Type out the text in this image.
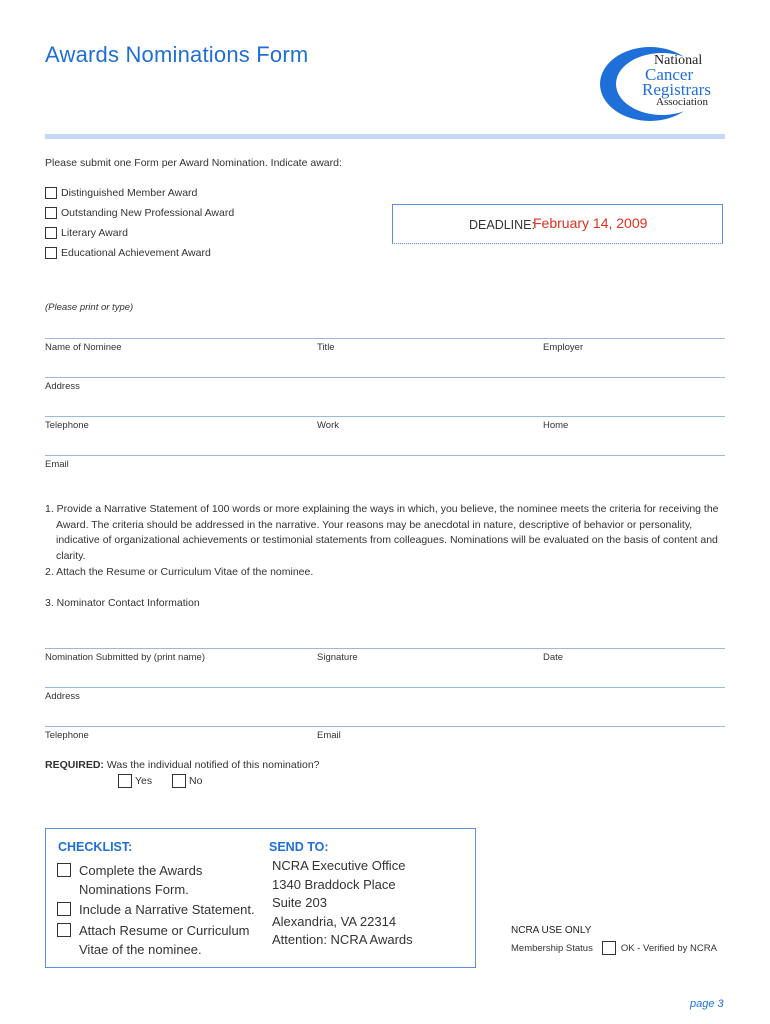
Awards Nominations Form	National
Cancer
Registrars
Association
Please submit one Form per Award Nomination. Indicate award:
Distinguished Member Award
Outstanding New Professional Award
Literary Award
Educational Achievement Award
DEADLINE:
February 14, 2009
(Please print or type)
Name of Nominee	Title	Employer
Address
Telephone	Work	Home
Email
1. Provide a Narrative Statement of 100 words or more explaining the ways in which, you believe, the nominee meets the criteria for receiving the Award. The criteria should be addressed in the narrative. Your reasons may be anecdotal in nature, descriptive of behavior or personality, indicative of organizational achievements or testimonial statements from colleagues. Nominations will be evaluated on the basis of content and clarity.
2. Attach the Resume or Curriculum Vitae of the nominee.
3. Nominator Contact Information
Nomination Submitted by (print name)	Signature	Date
Address
Telephone	Email
REQUIRED: Was the individual notified of this nomination?
Yes	No
CHECKLIST:
Complete the Awards
Nominations Form.
Include a Narrative Statement.
Attach Resume or Curriculum
Vitae of the nominee.
SEND TO:
NCRA Executive Office
1340 Braddock Place
Suite 203
Alexandria, VA 22314
Attention: NCRA Awards
NCRA USE ONLY
Membership Status	OK - Verified by NCRA
page 3
